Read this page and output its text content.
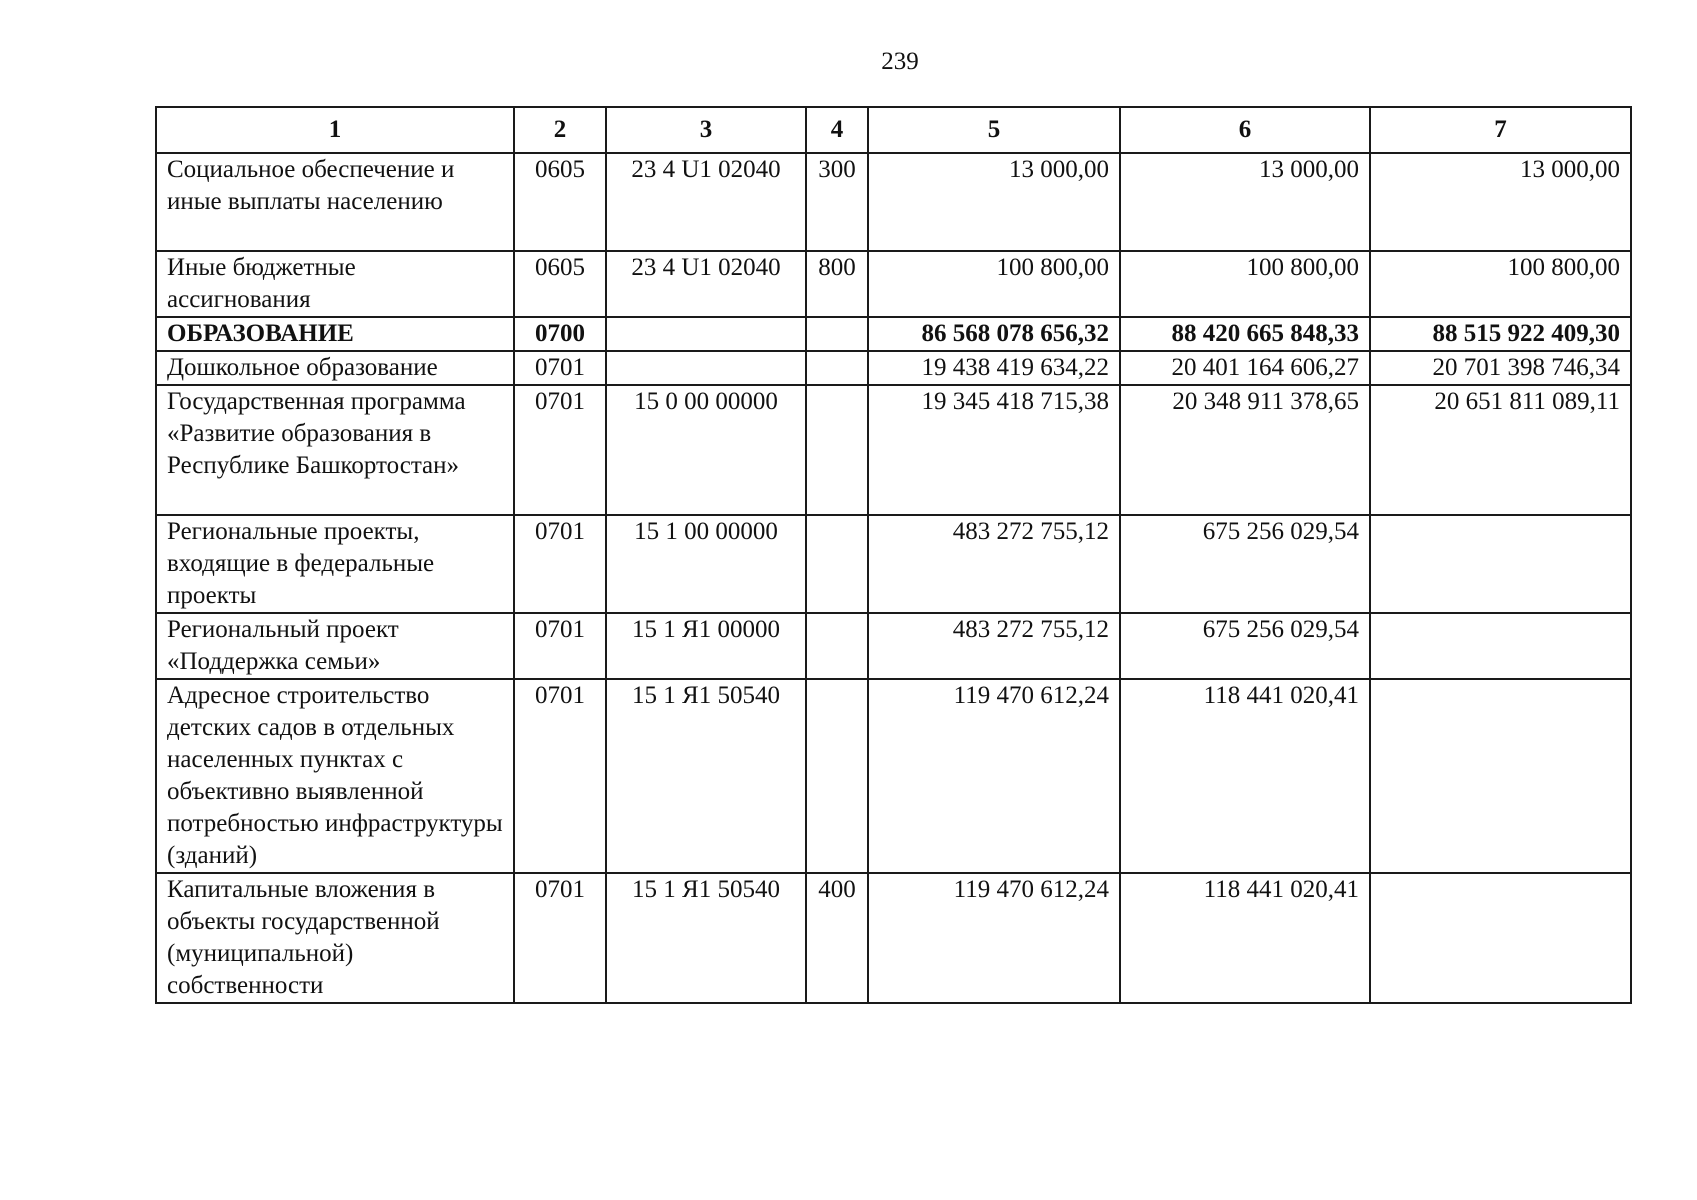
239
1	2	3	4	5	6	7
Социальное обеспечение и иные выплаты населению	0605	23 4 U1 02040	300	13 000,00	13 000,00	13 000,00
Иные бюджетные ассигнования	0605	23 4 U1 02040	800	100 800,00	100 800,00	100 800,00
ОБРАЗОВАНИЕ	0700			86 568 078 656,32	88 420 665 848,33	88 515 922 409,30
Дошкольное образование	0701			19 438 419 634,22	20 401 164 606,27	20 701 398 746,34
Государственная программа «Развитие образования в Республике Башкортостан»	0701	15 0 00 00000		19 345 418 715,38	20 348 911 378,65	20 651 811 089,11
Региональные проекты, входящие в федеральные проекты	0701	15 1 00 00000		483 272 755,12	675 256 029,54	
Региональный проект «Поддержка семьи»	0701	15 1 Я1 00000		483 272 755,12	675 256 029,54	
Адресное строительство детских садов в отдельных населенных пунктах с объективно выявленной потребностью инфраструктуры (зданий)	0701	15 1 Я1 50540		119 470 612,24	118 441 020,41	
Капитальные вложения в объекты государственной (муниципальной) собственности	0701	15 1 Я1 50540	400	119 470 612,24	118 441 020,41	
